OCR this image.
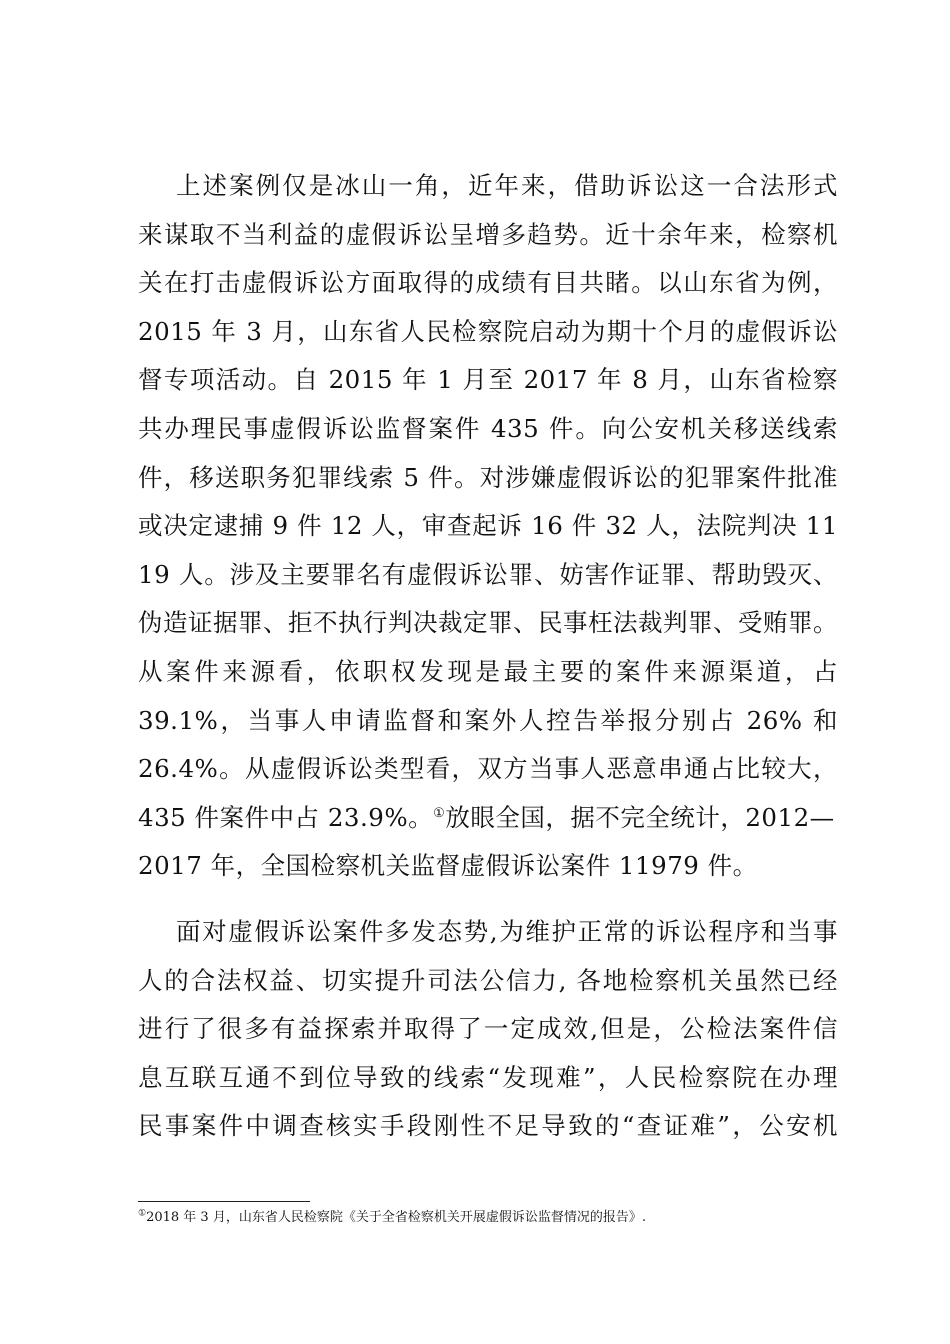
上述案例仅是冰山一角，近年来，借助诉讼这一合法形式
来谋取不当利益的虚假诉讼呈增多趋势。近十余年来，检察机
关在打击虚假诉讼方面取得的成绩有目共睹。以山东省为例，
2015 年 3 月，山东省人民检察院启动为期十个月的虚假诉讼
督专项活动。自 2015 年 1 月至 2017 年 8 月，山东省检察
共办理民事虚假诉讼监督案件 435 件。向公安机关移送线索
件，移送职务犯罪线索 5 件。对涉嫌虚假诉讼的犯罪案件批准
或决定逮捕 9 件 12 人，审查起诉 16 件 32 人，法院判决 11
19 人。涉及主要罪名有虚假诉讼罪、妨害作证罪、帮助毁灭、
伪造证据罪、拒不执行判决裁定罪、民事枉法裁判罪、受贿罪。
从案件来源看，依职权发现是最主要的案件来源渠道，占
39.1%，当事人申请监督和案外人控告举报分别占 26% 和
26.4%。从虚假诉讼类型看，双方当事人恶意串通占比较大，
435 件案件中占 23.9%。①放眼全国，据不完全统计，2012—
2017 年，全国检察机关监督虚假诉讼案件 11979 件。
面对虚假诉讼案件多发态势,为维护正常的诉讼程序和当事
人的合法权益、切实提升司法公信力, 各地检察机关虽然已经
进行了很多有益探索并取得了一定成效,但是，公检法案件信
息互联互通不到位导致的线索“发现难”，人民检察院在办理
民事案件中调查核实手段刚性不足导致的“查证难”，公安机
①2018 年 3 月，山东省人民检察院《关于全省检察机关开展虚假诉讼监督情况的报告》.
